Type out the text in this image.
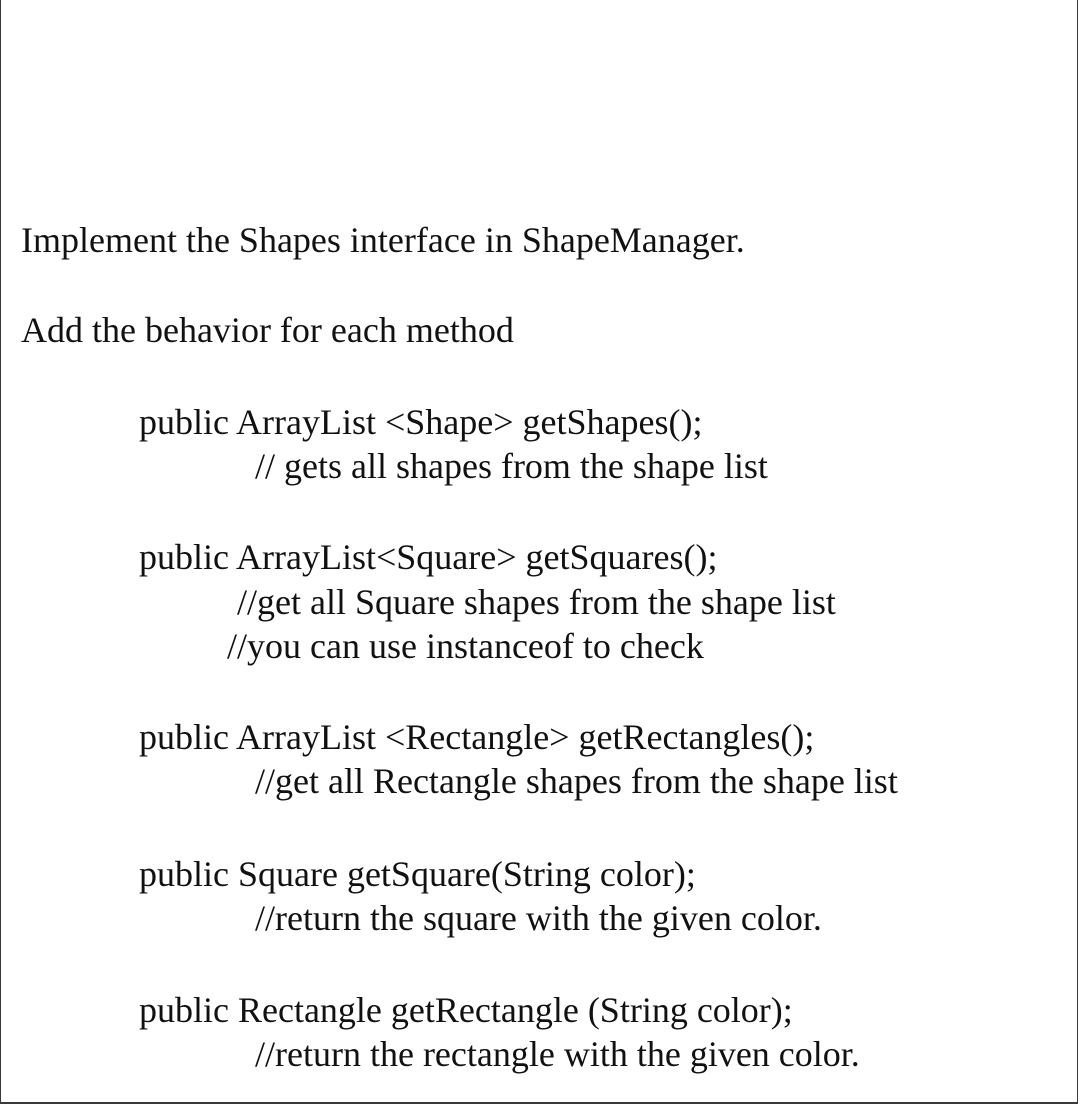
Implement the Shapes interface in ShapeManager.

Add the behavior for each method

public ArrayList <Shape> getShapes();

// gets all shapes from the shape list

public ArrayList<Square> getSquares();

//get all Square shapes from the shape list

//you can use instanceof to check

public ArrayList <Rectangle> getRectangles();

//get all Rectangle shapes from the shape list

public Square getSquare(String color);

//return the square with the given color.

public Rectangle getRectangle (String color);

//return the rectangle with the given color.
